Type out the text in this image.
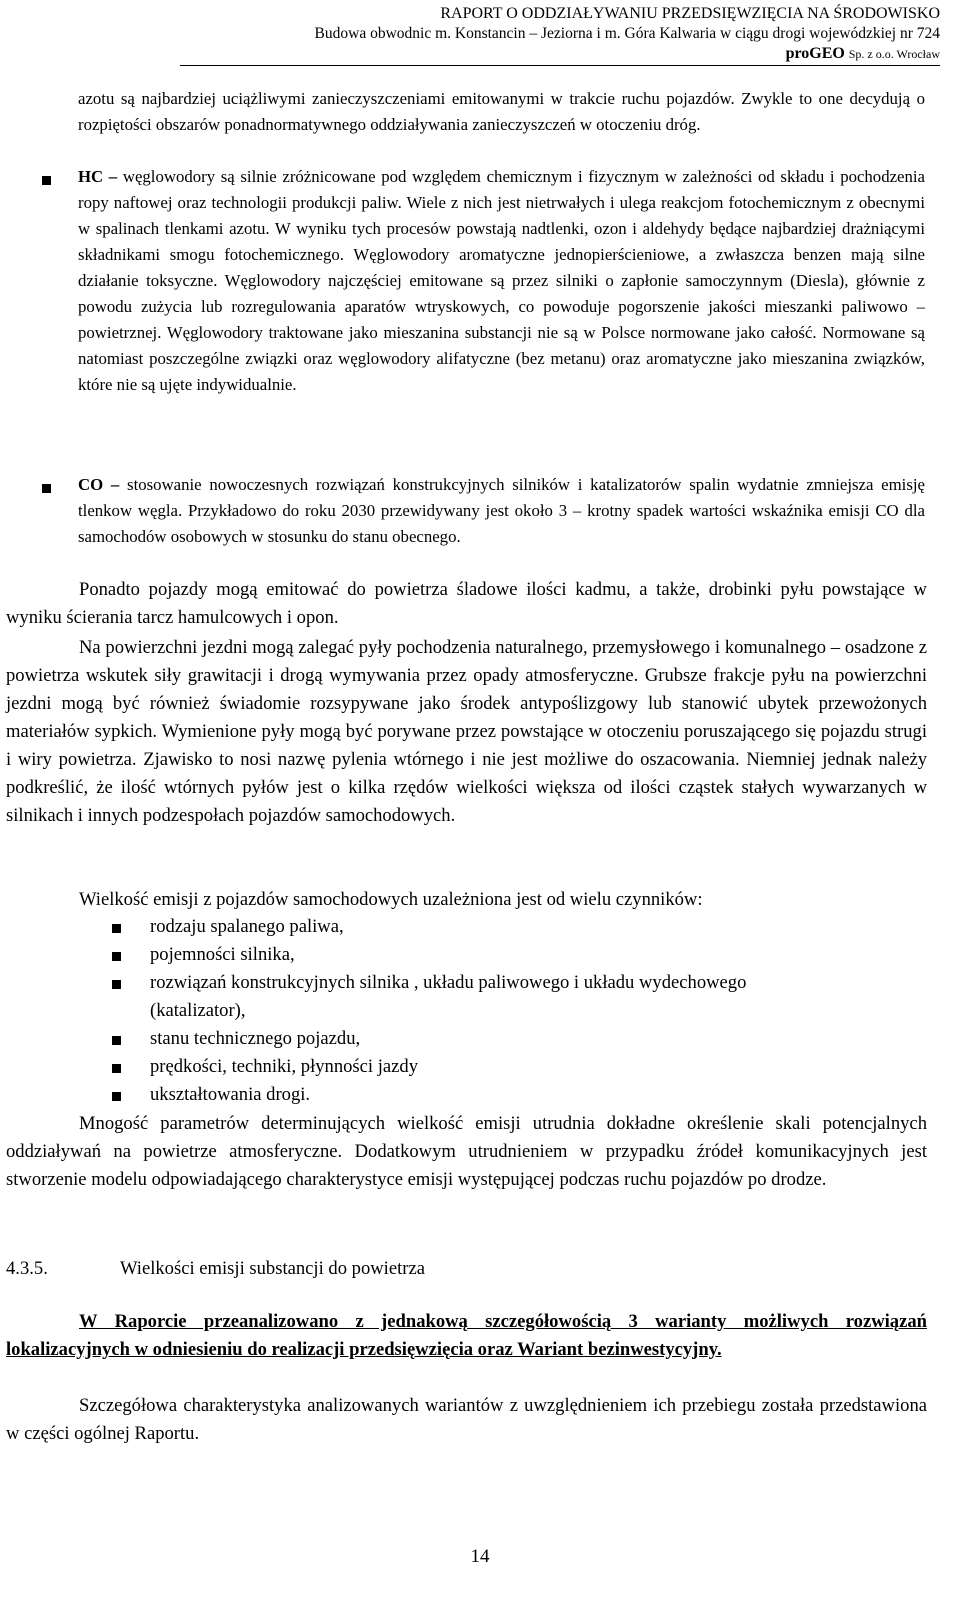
RAPORT O ODDZIAŁYWANIU PRZEDSIĘWZIĘCIA NA ŚRODOWISKO
Budowa obwodnic m. Konstancin – Jeziorna i m. Góra Kalwaria w ciągu drogi wojewódzkiej nr 724
proGEO Sp. z o.o. Wrocław
azotu są najbardziej uciążliwymi zanieczyszczeniami emitowanymi w trakcie ruchu pojazdów. Zwykle to one decydują o rozpiętości obszarów ponadnormatywnego oddziaływania zanieczyszczeń w otoczeniu dróg.
HC – węglowodory są silnie zróżnicowane pod względem chemicznym i fizycznym w zależności od składu i pochodzenia ropy naftowej oraz technologii produkcji paliw. Wiele z nich jest nietrwałych i ulega reakcjom fotochemicznym z obecnymi w spalinach tlenkami azotu. W wyniku tych procesów powstają nadtlenki, ozon i aldehydy będące najbardziej drażniącymi składnikami smogu fotochemicznego. Węglowodory aromatyczne jednopierścieniowe, a zwłaszcza benzen mają silne działanie toksyczne. Węglowodory najczęściej emitowane są przez silniki o zapłonie samoczynnym (Diesla), głównie z powodu zużycia lub rozregulowania aparatów wtryskowych, co powoduje pogorszenie jakości mieszanki paliwowo – powietrznej. Węglowodory traktowane jako mieszanina substancji nie są w Polsce normowane jako całość. Normowane są natomiast poszczególne związki oraz węglowodory alifatyczne (bez metanu) oraz aromatyczne jako mieszanina związków, które nie są ujęte indywidualnie.
CO – stosowanie nowoczesnych rozwiązań konstrukcyjnych silników i katalizatorów spalin wydatnie zmniejsza emisję tlenkow węgla. Przykładowo do roku 2030 przewidywany jest około 3 – krotny spadek wartości wskaźnika emisji CO dla samochodów osobowych w stosunku do stanu obecnego.

Ponadto pojazdy mogą emitować do powietrza śladowe ilości kadmu, a także, drobinki pyłu powstające w wyniku ścierania tarcz hamulcowych i opon.

Na powierzchni jezdni mogą zalegać pyły pochodzenia naturalnego, przemysłowego i komunalnego – osadzone z powietrza wskutek siły grawitacji i drogą wymywania przez opady atmosferyczne. Grubsze frakcje pyłu na powierzchni jezdni mogą być również świadomie rozsypywane jako środek antypoślizgowy lub stanowić ubytek przewożonych materiałów sypkich. Wymienione pyły mogą być porywane przez powstające w otoczeniu poruszającego się pojazdu strugi i wiry powietrza. Zjawisko to nosi nazwę pylenia wtórnego i nie jest możliwe do oszacowania. Niemniej jednak należy podkreślić, że ilość wtórnych pyłów jest o kilka rzędów wielkości większa od ilości cząstek stałych wywarzanych w silnikach i innych podzespołach pojazdów samochodowych.

Wielkość emisji z pojazdów samochodowych uzależniona jest od wielu czynników:

rodzaju spalanego paliwa,
pojemności silnika,
rozwiązań konstrukcyjnych silnika , układu paliwowego i układu wydechowego (katalizator),
stanu technicznego pojazdu,
prędkości, techniki, płynności jazdy
ukształtowania drogi.

Mnogość parametrów determinujących wielkość emisji utrudnia dokładne określenie skali potencjalnych oddziaływań na powietrze atmosferyczne. Dodatkowym utrudnieniem w przypadku źródeł komunikacyjnych jest stworzenie modelu odpowiadającego charakterystyce emisji występującej podczas ruchu pojazdów po drodze.

4.3.5.	Wielkości emisji substancji do powietrza

W Raporcie przeanalizowano z jednakową szczegółowością 3 warianty możliwych rozwiązań lokalizacyjnych w odniesieniu do realizacji przedsięwzięcia oraz Wariant bezinwestycyjny.

Szczegółowa charakterystyka analizowanych wariantów z uwzględnieniem ich przebiegu została przedstawiona w części ogólnej Raportu.

14
